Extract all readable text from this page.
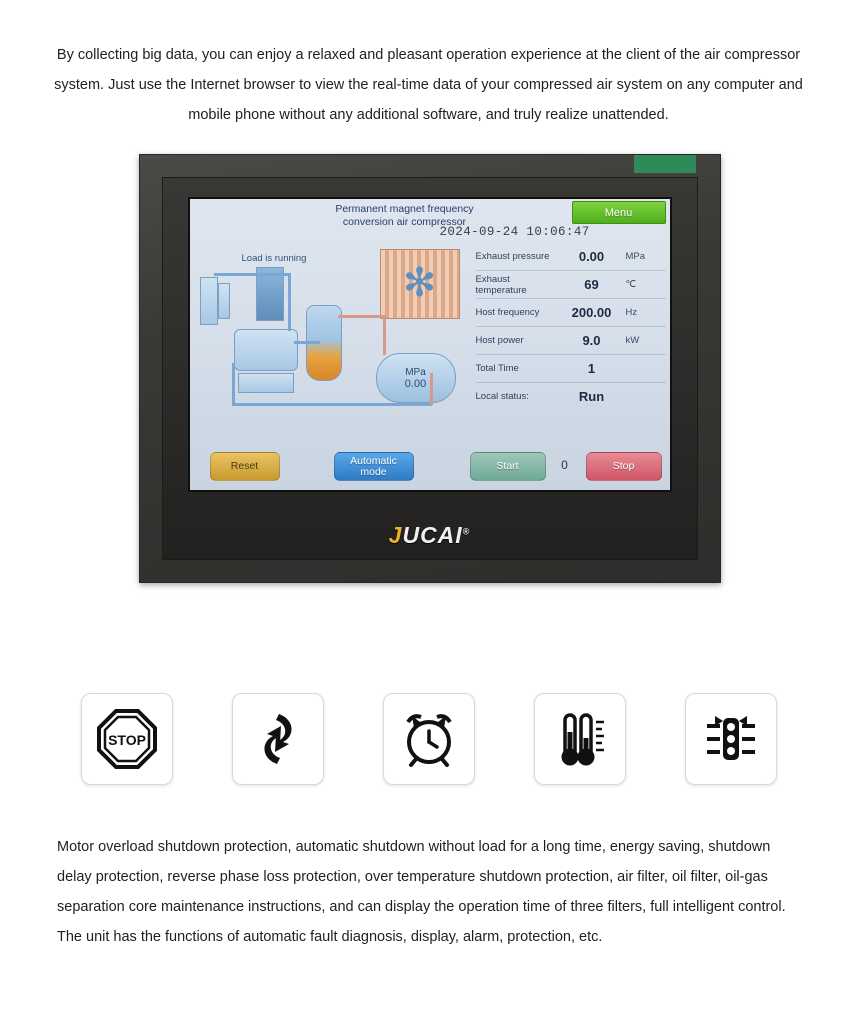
By collecting big data, you can enjoy a relaxed and pleasant operation experience at the client of the air compressor system. Just use the Internet browser to view the real-time data of your compressed air system on any computer and mobile phone without any additional software, and truly realize unattended.

Permanent magnet frequency
conversion air compressor
Menu
2024-09-24 10:06:47
Load is running
✻
MPa
0.00
Exhaust pressure	0.00	MPa
Exhaust temperature	69	℃
Host frequency	200.00	Hz
Host power	9.0	kW
Total Time	1
Local status:	Run
Reset	Automatic
mode	Start	0	Stop
JUCAI®
STOP

Motor overload shutdown protection, automatic shutdown without load for a long time, energy saving, shutdown delay protection, reverse phase loss protection, over temperature shutdown protection, air filter, oil filter, oil-gas separation core maintenance instructions, and can display the operation time of three filters, full intelligent control. The unit has the functions of automatic fault diagnosis, display, alarm, protection, etc.
